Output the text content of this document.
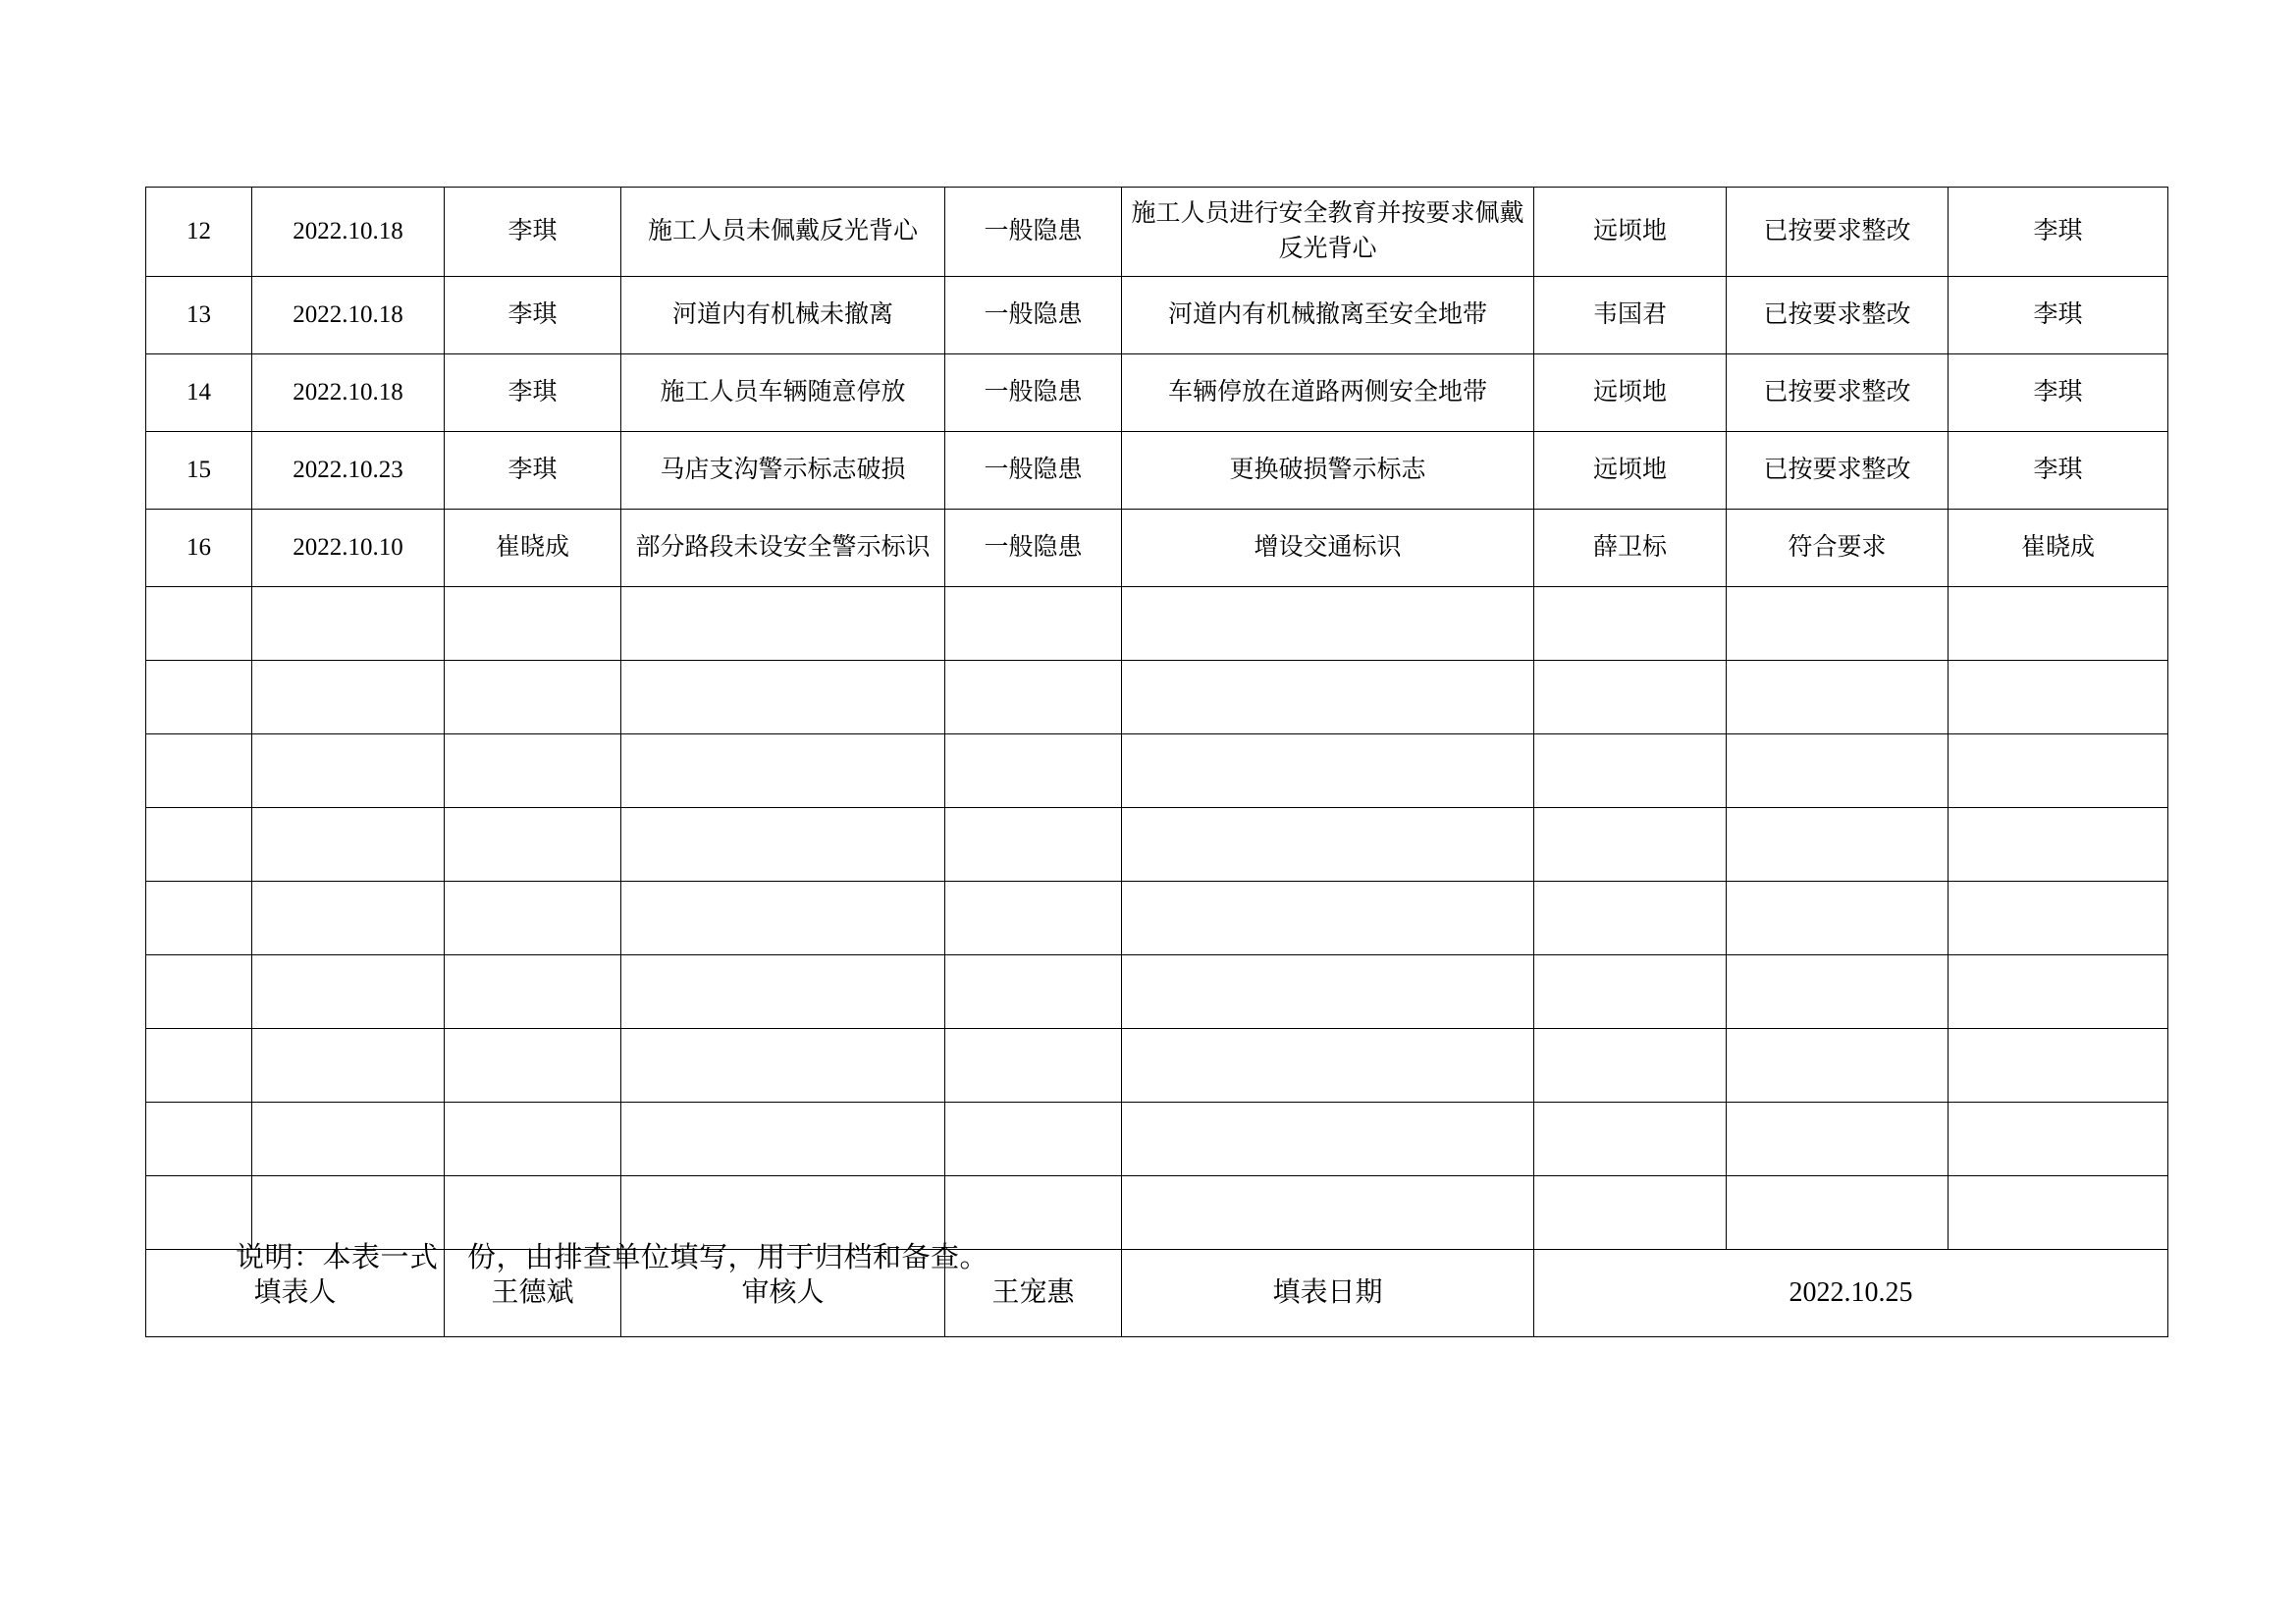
12	2022.10.18	李琪	施工人员未佩戴反光背心	一般隐患	施工人员进行安全教育并按要求佩戴反光背心	远顷地	已按要求整改	李琪
13	2022.10.18	李琪	河道内有机械未撤离	一般隐患	河道内有机械撤离至安全地带	韦国君	已按要求整改	李琪
14	2022.10.18	李琪	施工人员车辆随意停放	一般隐患	车辆停放在道路两侧安全地带	远顷地	已按要求整改	李琪
15	2022.10.23	李琪	马店支沟警示标志破损	一般隐患	更换破损警示标志	远顷地	已按要求整改	李琪
16	2022.10.10	崔晓成	部分路段未设安全警示标识	一般隐患	增设交通标识	薛卫标	符合要求	崔晓成

填表人		王德斌	审核人	王宠惠	填表日期	2022.10.25		
说明：本表一式　份，由排查单位填写，用于归档和备查。
